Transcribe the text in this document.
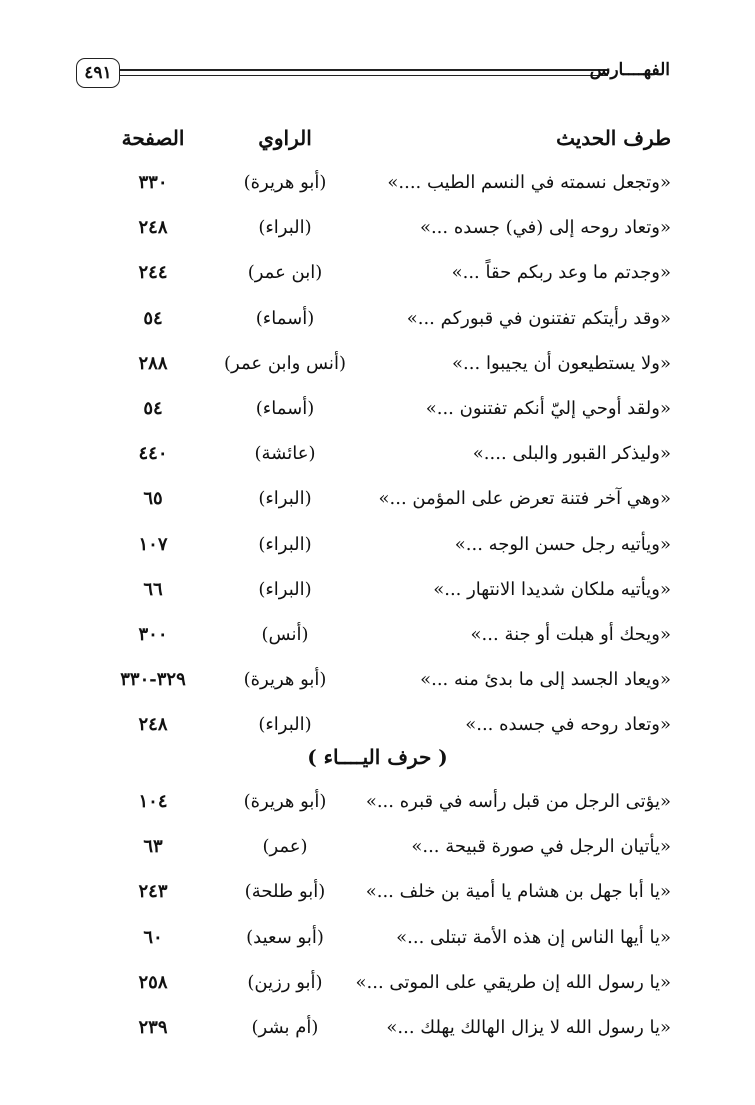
٤٩١	الفهــــارس
طرف الحديث
الراوي
الصفحة
«وتجعل نسمته في النسم الطيب ....»
(أبو هريرة)
٣٣٠
«وتعاد روحه إلى (في) جسده ...»
(البراء)
٢٤٨
«وجدتم ما وعد ربكم حقاً ...»
(ابن عمر)
٢٤٤
«وقد رأيتكم تفتنون في قبوركم ...»
(أسماء)
٥٤
«ولا يستطيعون أن يجيبوا ...»
(أنس وابن عمر)
٢٨٨
«ولقد أوحي إليّ أنكم تفتنون ...»
(أسماء)
٥٤
«وليذكر القبور والبلى ....»
(عائشة)
٤٤٠
«وهي آخر فتنة تعرض على المؤمن ...»
(البراء)
٦٥
«ويأتيه رجل حسن الوجه ...»
(البراء)
١٠٧
«ويأتيه ملكان شديدا الانتهار ...»
(البراء)
٦٦
«ويحك أو هبلت أو جنة ...»
(أنس)
٣٠٠
«ويعاد الجسد إلى ما بدئ منه ...»
(أبو هريرة)
٣٢٩-٣٣٠
«وتعاد روحه في جسده ...»
(البراء)
٢٤٨
( حرف اليــــاء )
«يؤتى الرجل من قبل رأسه في قبره ...»
(أبو هريرة)
١٠٤
«يأتيان الرجل في صورة قبيحة ...»
(عمر)
٦٣
«يا أبا جهل بن هشام يا أمية بن خلف ...»
(أبو طلحة)
٢٤٣
«يا أيها الناس إن هذه الأمة تبتلى ...»
(أبو سعيد)
٦٠
«يا رسول الله إن طريقي على الموتى ...»
(أبو رزين)
٢٥٨
«يا رسول الله لا يزال الهالك يهلك ...»
(أم بشر)
٢٣٩
